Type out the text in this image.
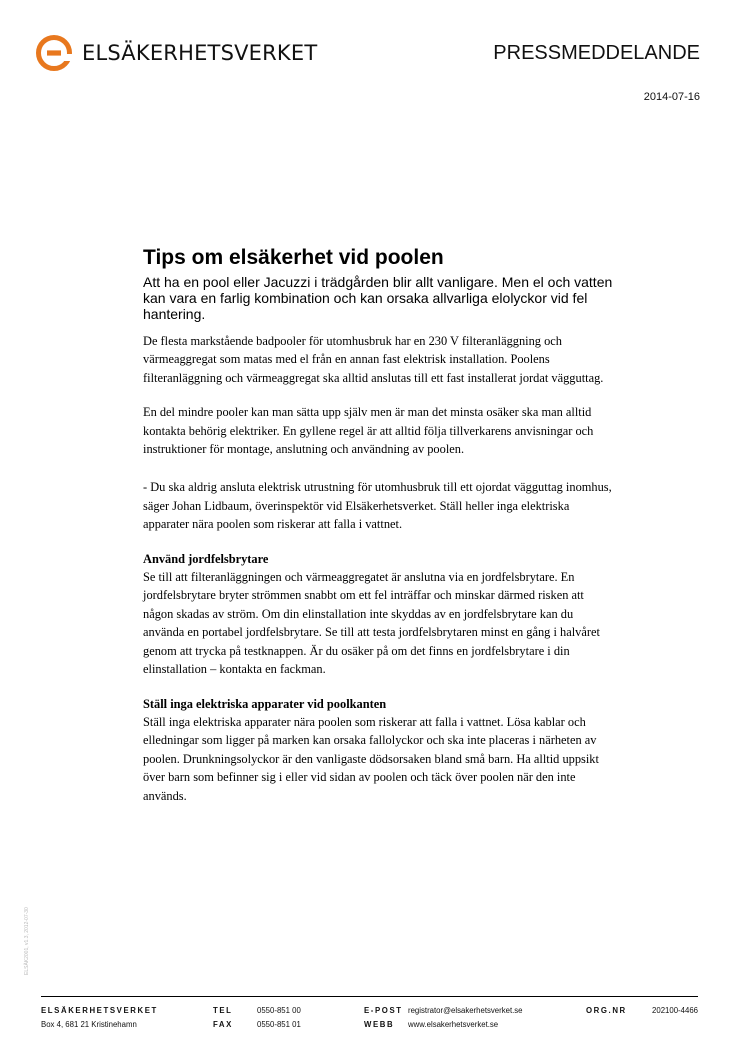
ELSÄKERHETSVERKET	PRESSMEDDELANDE
2014-07-16
Tips om elsäkerhet vid poolen

Att ha en pool eller Jacuzzi i trädgården blir allt vanligare. Men el och vatten kan vara en farlig kombination och kan orsaka allvarliga elolyckor vid fel hantering.

De flesta markstående badpooler för utomhusbruk har en 230 V filteranläggning och värmeaggregat som matas med el från en annan fast elektrisk installation. Poolens filteranläggning och värmeaggregat ska alltid anslutas till ett fast installerat jordat vägguttag.

En del mindre pooler kan man sätta upp själv men är man det minsta osäker ska man alltid kontakta behörig elektriker. En gyllene regel är att alltid följa tillverkarens anvisningar och instruktioner för montage, anslutning och användning av poolen.

- Du ska aldrig ansluta elektrisk utrustning för utomhusbruk till ett ojordat vägguttag inomhus, säger Johan Lidbaum, överinspektör vid Elsäkerhetsverket. Ställ heller inga elektriska apparater nära poolen som riskerar att falla i vattnet.

Använd jordfelsbrytare

Se till att filteranläggningen och värmeaggregatet är anslutna via en jordfelsbrytare. En jordfelsbrytare bryter strömmen snabbt om ett fel inträffar och minskar därmed risken att någon skadas av ström. Om din elinstallation inte skyddas av en jordfelsbrytare kan du använda en portabel jordfelsbrytare. Se till att testa jordfelsbrytaren minst en gång i halvåret genom att trycka på testknappen. Är du osäker på om det finns en jordfelsbrytare i din elinstallation – kontakta en fackman.

Ställ inga elektriska apparater vid poolkanten

Ställ inga elektriska apparater nära poolen som riskerar att falla i vattnet. Lösa kablar och elledningar som ligger på marken kan orsaka fallolyckor och ska inte placeras i närheten av poolen. Drunkningsolyckor är den vanligaste dödsorsaken bland små barn. Ha alltid uppsikt över barn som befinner sig i eller vid sidan av poolen och täck över poolen när den inte används.

ELSÄK2001, v1.3, 2012-07-30
ELSÄKERHETSVERKET
Box 4, 681 21 Kristinehamn
TEL	0550-851 00
FAX	0550-851 01
E-POST registrator@elsakerhetsverket.se
WEBB www.elsakerhetsverket.se
ORG.NR	202100-4466
